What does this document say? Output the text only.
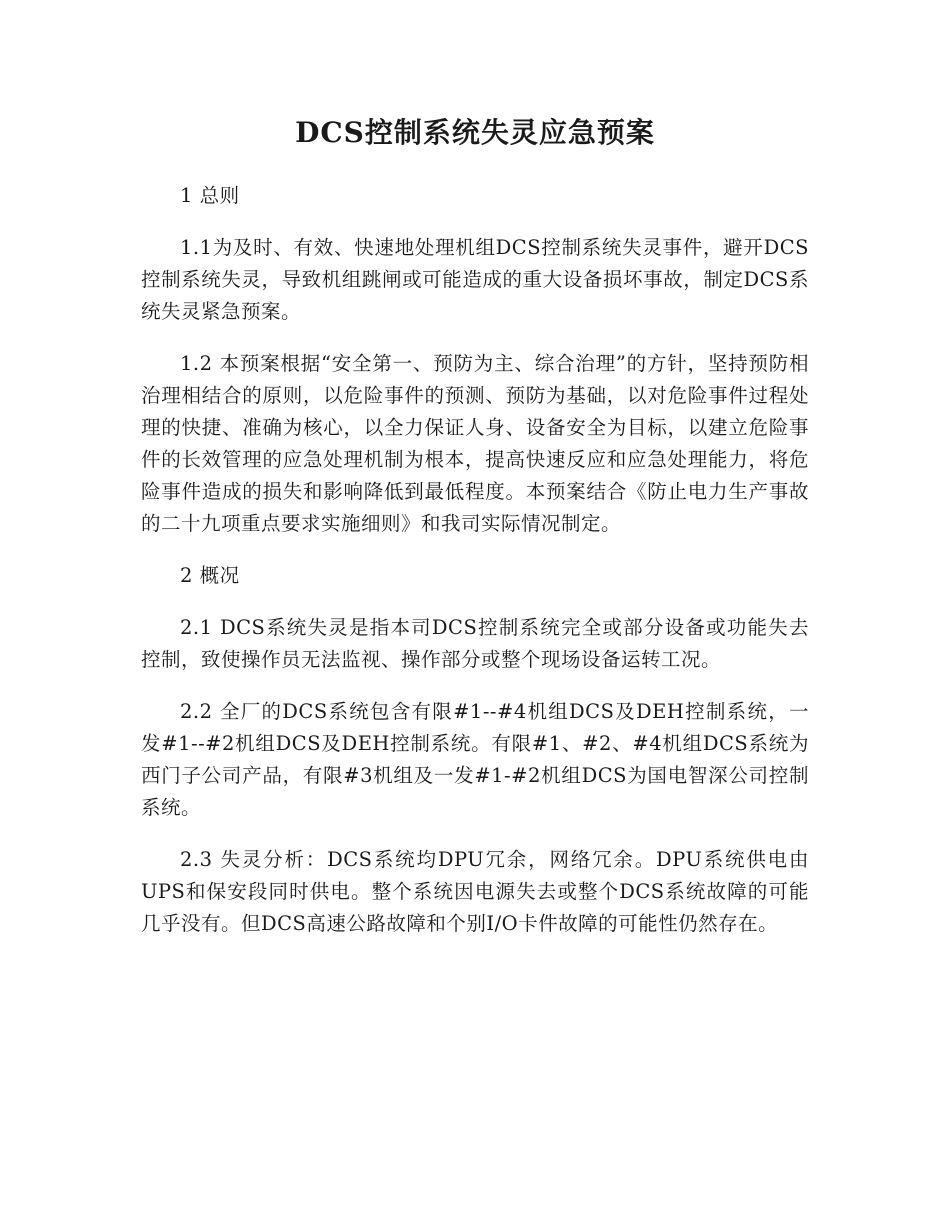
DCS控制系统失灵应急预案

1 总则

1.1为及时、有效、快速地处理机组DCS控制系统失灵事件，避开DCS控制系统失灵，导致机组跳闸或可能造成的重大设备损坏事故，制定DCS系统失灵紧急预案。

1.2 本预案根据“安全第一、预防为主、综合治理”的方针，坚持预防相治理相结合的原则，以危险事件的预测、预防为基础，以对危险事件过程处理的快捷、准确为核心，以全力保证人身、设备安全为目标，以建立危险事件的长效管理的应急处理机制为根本，提高快速反应和应急处理能力，将危险事件造成的损失和影响降低到最低程度。本预案结合《防止电力生产事故的二十九项重点要求实施细则》和我司实际情况制定。

2 概况

2.1 DCS系统失灵是指本司DCS控制系统完全或部分设备或功能失去控制，致使操作员无法监视、操作部分或整个现场设备运转工况。

2.2 全厂的DCS系统包含有限#1--#4机组DCS及DEH控制系统，一发#1--#2机组DCS及DEH控制系统。有限#1、#2、#4机组DCS系统为西门子公司产品，有限#3机组及一发#1-#2机组DCS为国电智深公司控制系统。

2.3 失灵分析：DCS系统均DPU冗余，网络冗余。DPU系统供电由UPS和保安段同时供电。整个系统因电源失去或整个DCS系统故障的可能几乎没有。但DCS高速公路故障和个别I/O卡件故障的可能性仍然存在。
